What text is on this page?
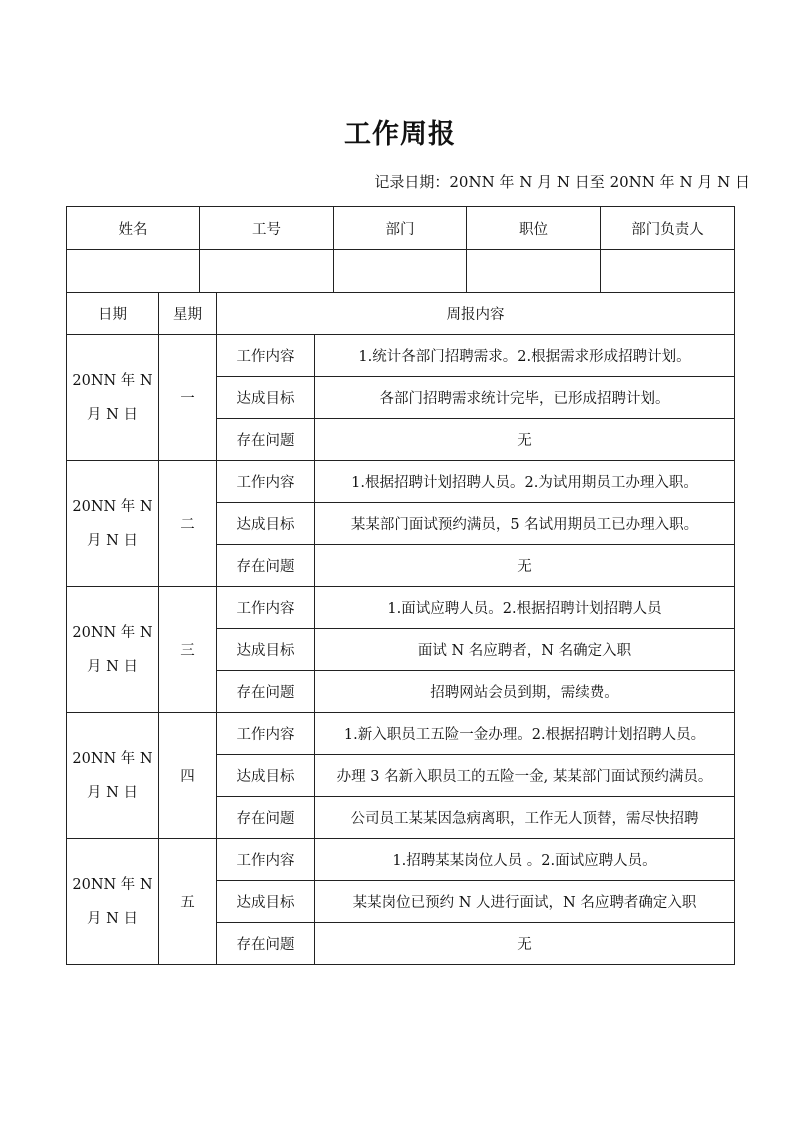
工作周报
记录日期：20NN 年 N 月 N 日至 20NN 年 N 月 N 日
姓名	工号	部门	职位	部门负责人

日期	星期	周报内容	
20NN 年 N
月 N 日	一	工作内容	1.统计各部门招聘需求。2.根据需求形成招聘计划。
		达成目标	各部门招聘需求统计完毕，已形成招聘计划。
		存在问题	无
20NN 年 N
月 N 日	二	工作内容	1.根据招聘计划招聘人员。2.为试用期员工办理入职。
		达成目标	某某部门面试预约满员，5 名试用期员工已办理入职。
		存在问题	无
20NN 年 N
月 N 日	三	工作内容	1.面试应聘人员。2.根据招聘计划招聘人员
		达成目标	面试 N 名应聘者，N 名确定入职
		存在问题	招聘网站会员到期，需续费。
20NN 年 N
月 N 日	四	工作内容	1.新入职员工五险一金办理。2.根据招聘计划招聘人员。
		达成目标	办理 3 名新入职员工的五险一金, 某某部门面试预约满员。
		存在问题	公司员工某某因急病离职，工作无人顶替，需尽快招聘
20NN 年 N
月 N 日	五	工作内容	1.招聘某某岗位人员 。2.面试应聘人员。
		达成目标	某某岗位已预约 N 人进行面试，N 名应聘者确定入职
		存在问题	无
